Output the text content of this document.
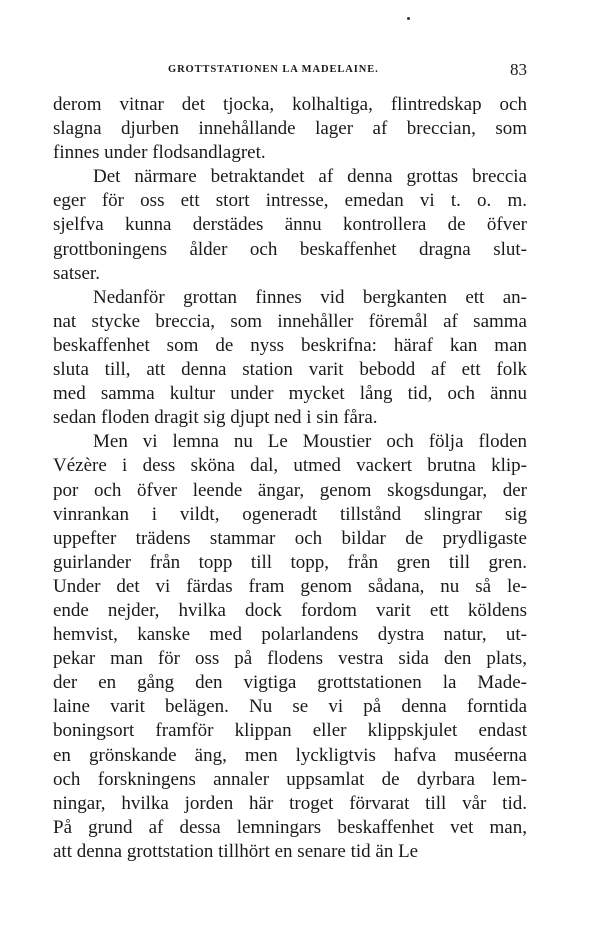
GROTTSTATIONEN LA MADELAINE.	83
derom vitnar det tjocka, kolhaltiga, flintredskap och
slagna djurben innehållande lager af breccian, som
finnes under flodsandlagret.
Det närmare betraktandet af denna grottas breccia
eger för oss ett stort intresse, emedan vi t. o. m.
sjelfva kunna derstädes ännu kontrollera de öfver
grottboningens ålder och beskaffenhet dragna slut-
satser.
Nedanför grottan finnes vid bergkanten ett an-
nat stycke breccia, som innehåller föremål af samma
beskaffenhet som de nyss beskrifna: häraf kan man
sluta till, att denna station varit bebodd af ett folk
med samma kultur under mycket lång tid, och ännu
sedan floden dragit sig djupt ned i sin fåra.
Men vi lemna nu Le Moustier och följa floden
Vézère i dess sköna dal, utmed vackert brutna klip-
por och öfver leende ängar, genom skogsdungar, der
vinrankan i vildt, ogeneradt tillstånd slingrar sig
uppefter trädens stammar och bildar de prydligaste
guirlander från topp till topp, från gren till gren.
Under det vi färdas fram genom sådana, nu så le-
ende nejder, hvilka dock fordom varit ett köldens
hemvist, kanske med polarlandens dystra natur, ut-
pekar man för oss på flodens vestra sida den plats,
der en gång den vigtiga grottstationen la Made-
laine varit belägen. Nu se vi på denna forntida
boningsort framför klippan eller klippskjulet endast
en grönskande äng, men lyckligtvis hafva muséerna
och forskningens annaler uppsamlat de dyrbara lem-
ningar, hvilka jorden här troget förvarat till vår tid.
På grund af dessa lemningars beskaffenhet vet man,
att denna grottstation tillhört en senare tid än Le
